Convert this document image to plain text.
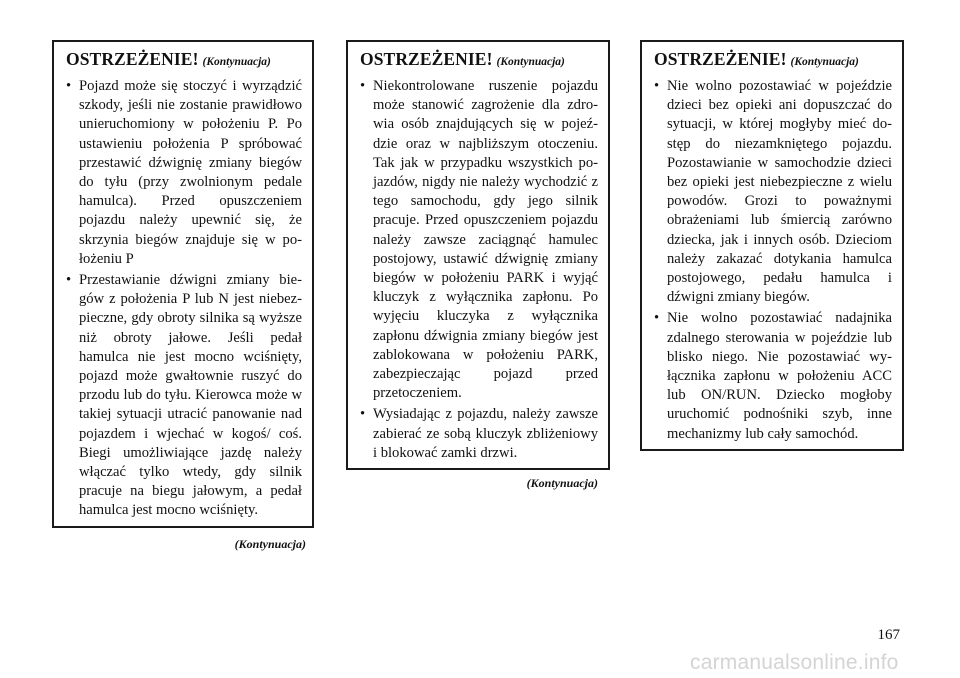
OSTRZEŻENIE! (Kontynuacja)
• Pojazd może się stoczyć i wyrządzić szkody, jeśli nie zostanie prawidłowo unieruchomiony w położeniu P. Po ustawieniu położenia P spróbować przestawić dźwignię zmiany biegów do tyłu (przy zwolnionym pedale hamulca). Przed opuszczeniem pojazdu należy upewnić się, że skrzynia biegów znajduje się w położeniu P
• Przestawianie dźwigni zmiany biegów z położenia P lub N jest niebezpieczne, gdy obroty silnika są wyższe niż obroty jałowe. Jeśli pedał hamulca nie jest mocno wciśnięty, pojazd może gwałtownie ruszyć do przodu lub do tyłu. Kierowca może w takiej sytuacji utracić panowanie nad pojazdem i wjechać w kogoś/ coś. Biegi umożliwiające jazdę należy włączać tylko wtedy, gdy silnik pracuje na biegu jałowym, a pedał hamulca jest mocno wciśnięty.
(Kontynuacja)
OSTRZEŻENIE! (Kontynuacja)
• Niekontrolowane ruszenie pojazdu może stanowić zagrożenie dla zdrowia osób znajdujących się w pojeździe oraz w najbliższym otoczeniu. Tak jak w przypadku wszystkich pojazdów, nigdy nie należy wychodzić z tego samochodu, gdy jego silnik pracuje. Przed opuszczeniem pojazdu należy zawsze zaciągnąć hamulec postojowy, ustawić dźwignię zmiany biegów w położeniu PARK i wyjąć kluczyk z wyłącznika zapłonu. Po wyjęciu kluczyka z wyłącznika zapłonu dźwignia zmiany biegów jest zablokowana w położeniu PARK, zabezpieczając pojazd przed przetoczeniem.
• Wysiadając z pojazdu, należy zawsze zabierać ze sobą kluczyk zbliżeniowy i blokować zamki drzwi.
(Kontynuacja)
OSTRZEŻENIE! (Kontynuacja)
• Nie wolno pozostawiać w pojeździe dzieci bez opieki ani dopuszczać do sytuacji, w której mogłyby mieć dostęp do niezamkniętego pojazdu. Pozostawianie w samochodzie dzieci bez opieki jest niebezpieczne z wielu powodów. Grozi to poważnymi obrażeniami lub śmiercią zarówno dziecka, jak i innych osób. Dzieciom należy zakazać dotykania hamulca postojowego, pedału hamulca i dźwigni zmiany biegów.
• Nie wolno pozostawiać nadajnika zdalnego sterowania w pojeździe lub blisko niego. Nie pozostawiać wyłącznika zapłonu w położeniu ACC lub ON/RUN. Dziecko mogłoby uruchomić podnośniki szyb, inne mechanizmy lub cały samochód.
167
carmanualsonline.info
